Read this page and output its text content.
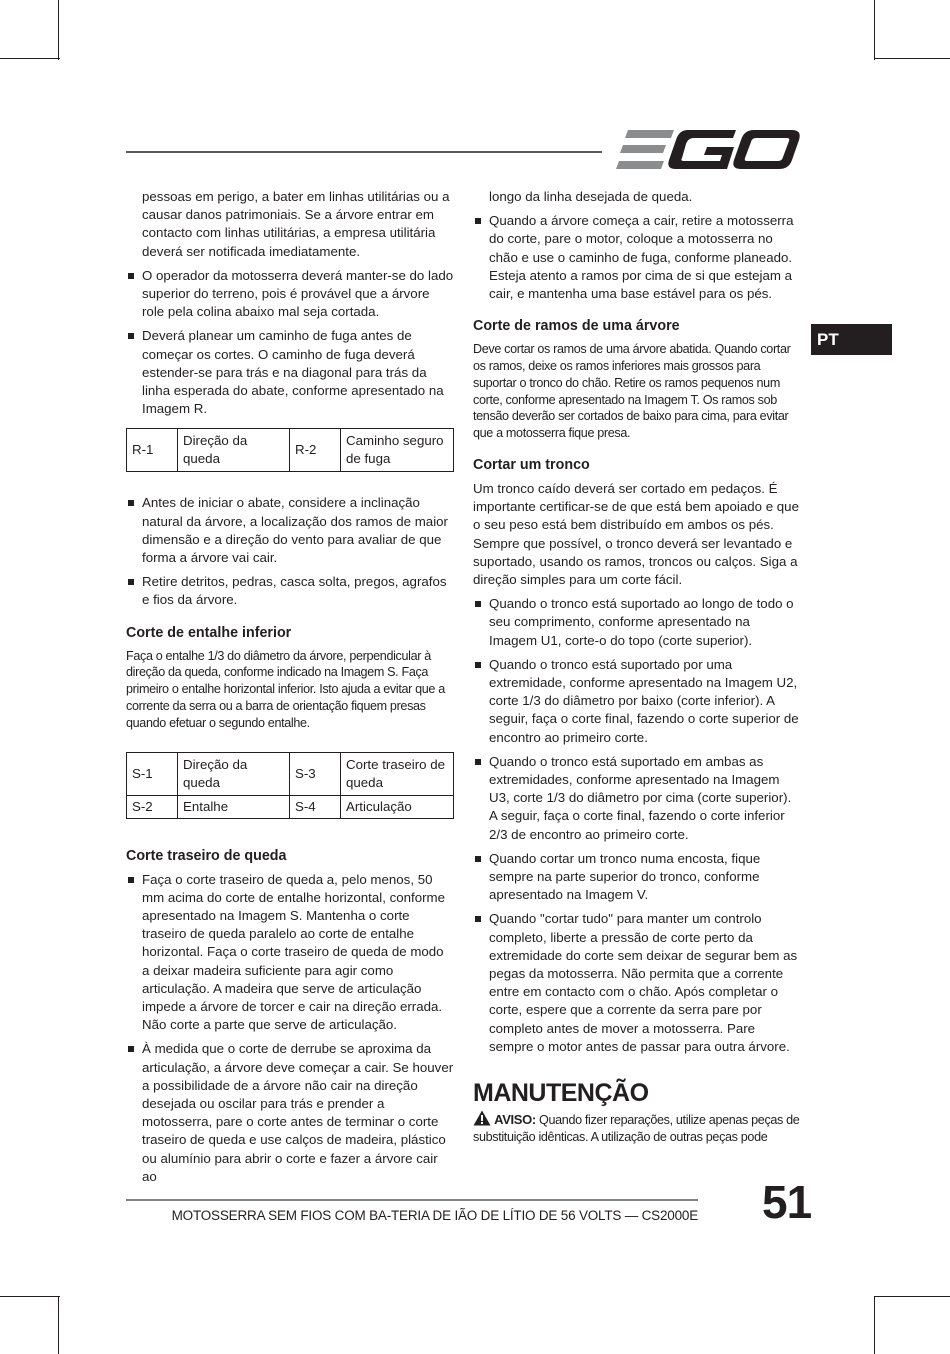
PT

pessoas em perigo, a bater em linhas utilitárias ou a causar danos patrimoniais. Se a árvore entrar em contacto com linhas utilitárias, a empresa utilitária deverá ser notificada imediatamente.

O operador da motosserra deverá manter-se do lado superior do terreno, pois é provável que a árvore role pela colina abaixo mal seja cortada.
Deverá planear um caminho de fuga antes de começar os cortes. O caminho de fuga deverá estender-se para trás e na diagonal para trás da linha esperada do abate, conforme apresentado na Imagem R.
R-1	Direção da queda	R-2	Caminho seguro de fuga
Antes de iniciar o abate, considere a inclinação natural da árvore, a localização dos ramos de maior dimensão e a direção do vento para avaliar de que forma a árvore vai cair.
Retire detritos, pedras, casca solta, pregos, agrafos e fios da árvore.
Corte de entalhe inferior

Faça o entalhe 1/3 do diâmetro da árvore, perpendicular à direção da queda, conforme indicado na Imagem S. Faça primeiro o entalhe horizontal inferior. Isto ajuda a evitar que a corrente da serra ou a barra de orientação fiquem presas quando efetuar o segundo entalhe.

S-1	Direção da queda	S-3	Corte traseiro de queda
S-2	Entalhe	S-4	Articulação
Corte traseiro de queda
Faça o corte traseiro de queda a, pelo menos, 50 mm acima do corte de entalhe horizontal, conforme apresentado na Imagem S. Mantenha o corte traseiro de queda paralelo ao corte de entalhe horizontal. Faça o corte traseiro de queda de modo a deixar madeira suficiente para agir como articulação. A madeira que serve de articulação impede a árvore de torcer e cair na direção errada. Não corte a parte que serve de articulação.
À medida que o corte de derrube se aproxima da articulação, a árvore deve começar a cair. Se houver a possibilidade de a árvore não cair na direção desejada ou oscilar para trás e prender a motosserra, pare o corte antes de terminar o corte traseiro de queda e use calços de madeira, plástico ou alumínio para abrir o corte e fazer a árvore cair ao

longo da linha desejada de queda.

Quando a árvore começa a cair, retire a motosserra do corte, pare o motor, coloque a motosserra no chão e use o caminho de fuga, conforme planeado. Esteja atento a ramos por cima de si que estejam a cair, e mantenha uma base estável para os pés.
Corte de ramos de uma árvore

Deve cortar os ramos de uma árvore abatida. Quando cortar os ramos, deixe os ramos inferiores mais grossos para suportar o tronco do chão. Retire os ramos pequenos num corte, conforme apresentado na Imagem T. Os ramos sob tensão deverão ser cortados de baixo para cima, para evitar que a motosserra fique presa.

Cortar um tronco

Um tronco caído deverá ser cortado em pedaços. É importante certificar-se de que está bem apoiado e que o seu peso está bem distribuído em ambos os pés. Sempre que possível, o tronco deverá ser levantado e suportado, usando os ramos, troncos ou calços. Siga a direção simples para um corte fácil.

Quando o tronco está suportado ao longo de todo o seu comprimento, conforme apresentado na Imagem U1, corte-o do topo (corte superior).
Quando o tronco está suportado por uma extremidade, conforme apresentado na Imagem U2, corte 1/3 do diâmetro por baixo (corte inferior). A seguir, faça o corte final, fazendo o corte superior de encontro ao primeiro corte.
Quando o tronco está suportado em ambas as extremidades, conforme apresentado na Imagem U3, corte 1/3 do diâmetro por cima (corte superior). A seguir, faça o corte final, fazendo o corte inferior 2/3 de encontro ao primeiro corte.
Quando cortar um tronco numa encosta, fique sempre na parte superior do tronco, conforme apresentado na Imagem V.
Quando "cortar tudo" para manter um controlo completo, liberte a pressão de corte perto da extremidade do corte sem deixar de segurar bem as pegas da motosserra. Não permita que a corrente entre em contacto com o chão. Após completar o corte, espere que a corrente da serra pare por completo antes de mover a motosserra. Pare sempre o motor antes de passar para outra árvore.
MANUTENÇÃO

AVISO: Quando fizer reparações, utilize apenas peças de substituição idênticas. A utilização de outras peças pode

MOTOSSERRA SEM FIOS COM BA-TERIA DE IÃO DE LÍTIO DE 56 VOLTS — CS2000E 51
